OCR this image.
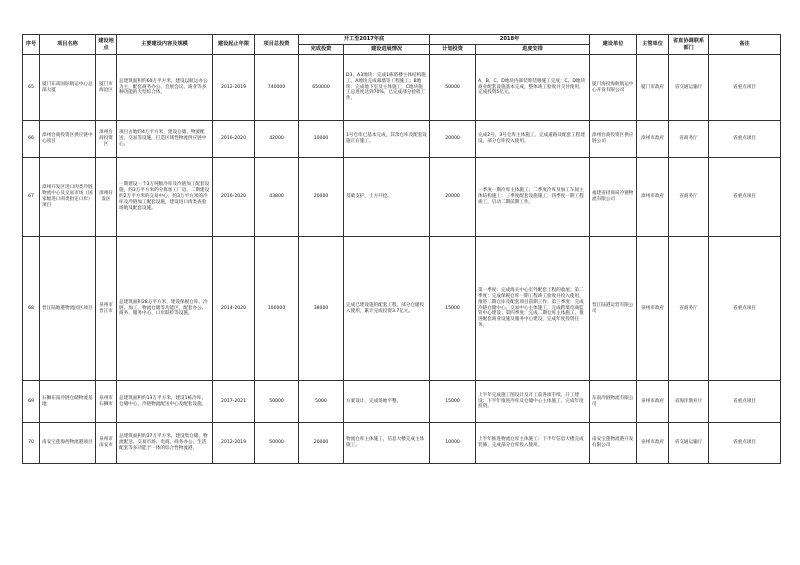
序号	项目名称	建设地点	主要建设内容及规模	建设起止年限	项目总投资	开工至2017年底		2018年		建设单位	主管单位	省直协调联系部门	备注
						完成投资	建设进展情况	计划投资	进度安排				
65	厦门东南国际航运中心总部大厦	厦门市海沧区	总建筑面积约60万平方米，建设以航运办公为主，配套商务办公、会展会议、商业等多种功能的大型综合体。	2012-2019	740000	650000	D3、A3地块：完成1栋塔楼主体结构施工，A地块完成幕墙等工程施工；B地块：完成地下室及主体施工，C地块施工总进度达到70%，已完成部分验收工作。	50000	A、B、C、D地块内部装饰装修施工完成；C、D地块商业配套设施基本完成，整体竣工验收并交付使用，完成投资5亿元。	厦门海投海航航运中心开发有限公司	厦门市政府	省交通运输厅	省重点项目
66	漳州台商投资区供应链中心项目	漳州台商投资区	项目占地约4万平方米，建设仓储、物流配送、交易等设施，打造区域性物流供应链中心。	2016-2020	42000	10000	1号仓库已基本完成，其余仓库及配套设施正在施工。	20000	完成2号、3号仓库主体施工，完成道路及配套工程建设，部分仓库投入使用。	漳州台商投资区供应链公司	漳州市政府	省商务厅	省重点项目
67	漳州开发区进口肉类冷链物流中心及交易市场（国家级进口肉类指定口岸）项目	漳州开发区	一期建设一个3万吨级冷库及冷链加工配套设施，约3万平方米的分拣加工厂房，二期建设约2万平方米的交易中心、约3万平方米的冷库及冷链加工配套设施，建设进口肉类查验场地及配套设施。	2016-2020	43800	20000	基础支护，土方开挖。	20000	一季度一期冷库主体施工；二季度冷库及加工车间主体结构施工；三季度配套设施施工；四季度一期工程竣工，启动二期前期工作。	福建省招商局冷链物流有限公司	漳州市政府	省商务厅	省重点项目
68	晋江陆地港物流园区项目	泉州市晋江市	总建筑面积28万平方米，建设保税仓库、冷链、加工、物流仓储等功能区，配套办公、商务、服务中心、口岸联检等设施。	2014-2020	100000	38000	完成已建设施的配套工程，部分仓储投入使用，累计完成投资3.7亿元。	15000	第一季度：完成海关中心室外配套工程的收尾；第二季度：完成保税仓库一期工程竣工验收并投入使用，推进二期仓库及配套项目前期工作；第三季度：完成冷链仓储中心、交易中心主体施工，完成跨境电商监管中心建设；第四季度：完成二期仓库主体施工，推进配套商业设施及服务中心建设，完成年度投资任务。	晋江陆港运营有限公司	泉州市政府	省商务厅	省重点项目
69	石狮东南冷链仓储物流基地	泉州市石狮市	总建筑面积约13万平方米，建设1栋冷库、仓储中心、冷链物流配送中心及配套设施。	2017-2021	50000	5000	方案设计，完成场地平整。	15000	上半年完成施工图设计及开工前各项手续，开工建设；下半年推进冷库及仓储中心主体施工，完成年度投资。	东南冷链物流有限公司	泉州市政府	省海洋渔业厅	省重点项目
70	南安宝莲海西物流港项目	泉州市南安市	总建筑面积约37万平方米，建设集仓储、物流配送、交易市场、电商、商务办公、生活配套等多功能于一体的综合性物流港。	2012-2019	50000	20000	物流仓库主体施工，信息大楼完成主体施工。	10000	上半年推进物流仓库主体施工；下半年信息大楼完成装修，完成部分仓库投入使用。	南安宝莲物流港开发有限公司	泉州市政府	省交通运输厅	省重点项目
